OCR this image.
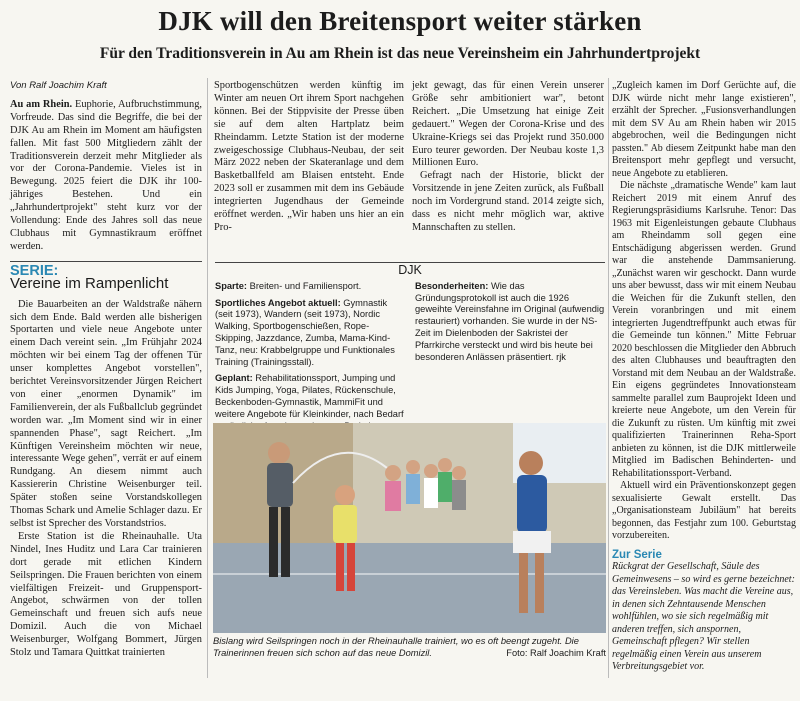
DJK will den Breitensport weiter stärken
Für den Traditionsverein in Au am Rhein ist das neue Vereinsheim ein Jahrhundertprojekt
Von Ralf Joachim Kraft

Au am Rhein. Euphorie, Aufbruchstimmung, Vorfreude. Das sind die Begriffe, die bei der DJK Au am Rhein im Moment am häufigsten fallen. Mit fast 500 Mitgliedern zählt der Traditionsverein derzeit mehr Mitglieder als vor der Corona-Pandemie. Vieles ist in Bewegung. 2025 feiert die DJK ihr 100-jähriges Bestehen. Und ein „Jahrhundertprojekt" steht kurz vor der Vollendung: Ende des Jahres soll das neue Clubhaus mit Gymnastikraum eröffnet werden.

SERIE:
Vereine im Rampenlicht

Die Bauarbeiten an der Waldstraße nähern sich dem Ende. Bald werden alle bisherigen Sportarten und viele neue Angebote unter einem Dach vereint sein. „Im Frühjahr 2024 möchten wir bei einem Tag der offenen Tür unser komplettes Angebot vorstellen", berichtet Vereinsvorsitzender Jürgen Reichert von einer „enormen Dynamik" im Familienverein, der als Fußballclub gegründet worden war. „Im Moment sind wir in einer spannenden Phase", sagt Reichert. „Im Künftigen Vereinsheim möchten wir neue, interessante Wege gehen", verrät er auf einem Rundgang. An diesem nimmt auch Kassiererin Christine Weisenburger teil. Später stoßen seine Vorstandskollegen Thomas Schark und Amelie Schlager dazu. Er selbst ist Sprecher des Vorstandstrios.

Erste Station ist die Rheinauhalle. Uta Nindel, Ines Huditz und Lara Car trainieren dort gerade mit etlichen Kindern Seilspringen. Die Frauen berichten von einem vielfältigen Freizeit- und Gruppensport-Angebot, schwärmen von der tollen Gemeinschaft und freuen sich aufs neue Domizil. Auch die von Michael Weisenburger, Wolfgang Bommert, Jürgen Stolz und Tamara Quittkat trainierten

Sportbogenschützen werden künftig im Winter am neuen Ort ihrem Sport nachgehen können. Bei der Stippvisite der Presse üben sie auf dem alten Hartplatz beim Rheindamm. Letzte Station ist der moderne zweigeschossige Clubhaus-Neubau, der seit März 2022 neben der Skateranlage und dem Basketballfeld am Blaisen entsteht. Ende 2023 soll er zusammen mit dem ins Gebäude integrierten Jugendhaus der Gemeinde eröffnet werden. „Wir haben uns hier an ein Pro-

jekt gewagt, das für einen Verein unserer Größe sehr ambitioniert war", betont Reichert. „Die Umsetzung hat einige Zeit gedauert." Wegen der Corona-Krise und des Ukraine-Kriegs sei das Projekt rund 350.000 Euro teurer geworden. Der Neubau koste 1,3 Millionen Euro.

Gefragt nach der Historie, blickt der Vorsitzende in jene Zeiten zurück, als Fußball noch im Vordergrund stand. 2014 zeigte sich, dass es nicht mehr möglich war, aktive Mannschaften zu stellen.

DJK

Sparte: Breiten- und Familiensport.

Sportliches Angebot aktuell: Gymnastik (seit 1973), Wandern (seit 1973), Nordic Walking, Sportbogenschießen, Rope-Skipping, Jazzdance, Zumba, Mama-Kind-Tanz, neu: Krabbelgruppe und Funktionales Training (Trainingsstall).

Geplant: Rehabilitationssport, Jumping und Kids Jumping, Yoga, Pilates, Rückenschule, Beckenboden-Gymnastik, MammiFit und weitere Angebote für Kleinkinder, nach Bedarf

Besonderheiten: Wie das Gründungsprotokoll ist auch die 1926 geweihte Vereinsfahne im Original (aufwendig restauriert) vorhanden. Sie wurde in der NS-Zeit im Dielenboden der Sakristei der Pfarrkirche versteckt und wird bis heute bei besonderen Anlässen präsentiert. rjk

Bislang wird Seilspringen noch in der Rheinauhalle trainiert, wo es oft beengt zugeht. Die Trainerinnen freuen sich schon auf das neue Domizil.	Foto: Ralf Joachim Kraft

„Zugleich kamen im Dorf Gerüchte auf, die DJK würde nicht mehr lange existieren", erzählt der Sprecher. „Fusionsverhandlungen mit dem SV Au am Rhein haben wir 2015 abgebrochen, weil die Bedingungen nicht passten." Ab diesem Zeitpunkt habe man den Breitensport mehr gepflegt und versucht, neue Angebote zu etablieren.

Die nächste „dramatische Wende" kam laut Reichert 2019 mit einem Anruf des Regierungspräsidiums Karlsruhe. Tenor: Das 1963 mit Eigenleistungen gebaute Clubhaus am Rheindamm soll gegen eine Entschädigung abgerissen werden. Grund war die anstehende Dammsanierung. „Zunächst waren wir geschockt. Dann wurde uns aber bewusst, dass wir mit einem Neubau die Weichen für die Zukunft stellen, den Verein voranbringen und mit einem integrierten Jugendtreffpunkt auch etwas für die Gemeinde tun können." Mitte Februar 2020 beschlossen die Mitglieder den Abbruch des alten Clubhauses und beauftragten den Vorstand mit dem Neubau an der Waldstraße. Ein eigens gegründetes Innovationsteam sammelte parallel zum Bauprojekt Ideen und kreierte neue Angebote, um den Verein für die Zukunft zu rüsten. Um künftig mit zwei qualifizierten Trainerinnen Reha-Sport anbieten zu können, ist die DJK mittlerweile Mitglied im Badischen Behinderten- und Rehabilitationssport-Verband.

Aktuell wird ein Präventionskonzept gegen sexualisierte Gewalt erstellt. Das „Organisationsteam Jubiläum" hat bereits begonnen, das Festjahr zum 100. Geburtstag vorzubereiten.

Zur Serie
Rückgrat der Gesellschaft, Säule des Gemeinwesens – so wird es gerne bezeichnet: das Vereinsleben. Was macht die Vereine aus, in denen sich Zehntausende Menschen wohlfühlen, wo sie sich regelmäßig mit anderen treffen, sich anspornen, Gemeinschaft pflegen? Wir stellen regelmäßig einen Verein aus unserem Verbreitungsgebiet vor.
